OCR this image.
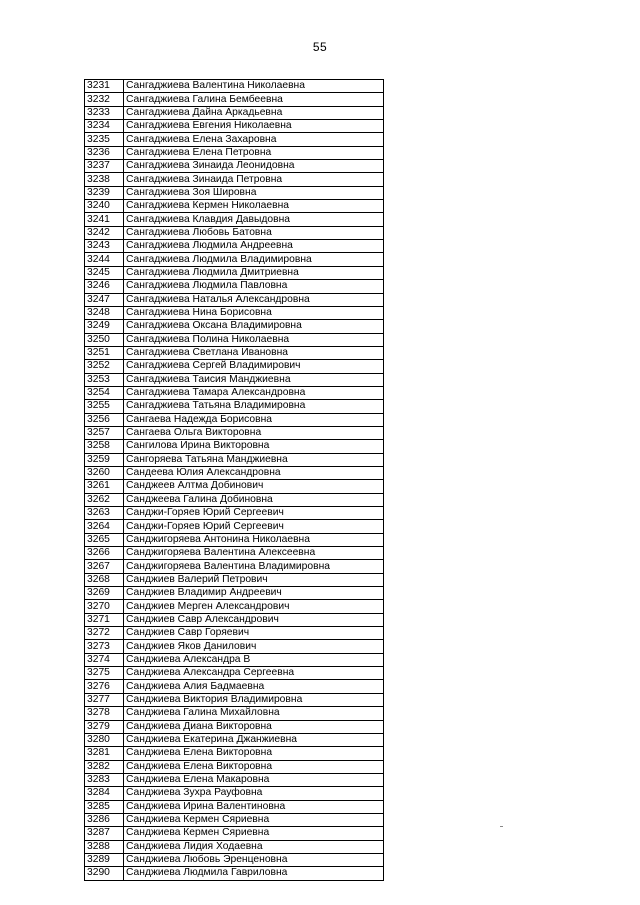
55
3231	Сангаджиева Валентина Николаевна
3232	Сангаджиева Галина Бембеевна
3233	Сангаджиева Дайна Аркадьевна
3234	Сангаджиева Евгения Николаевна
3235	Сангаджиева Елена Захаровна
3236	Сангаджиева Елена Петровна
3237	Сангаджиева Зинаида Леонидовна
3238	Сангаджиева Зинаида Петровна
3239	Сангаджиева Зоя Шировна
3240	Сангаджиева Кермен Николаевна
3241	Сангаджиева Клавдия Давыдовна
3242	Сангаджиева Любовь Батовна
3243	Сангаджиева Людмила Андреевна
3244	Сангаджиева Людмила Владимировна
3245	Сангаджиева Людмила Дмитриевна
3246	Сангаджиева Людмила Павловна
3247	Сангаджиева Наталья Александровна
3248	Сангаджиева Нина Борисовна
3249	Сангаджиева Оксана Владимировна
3250	Сангаджиева Полина Николаевна
3251	Сангаджиева Светлана Ивановна
3252	Сангаджиева Сергей Владимирович
3253	Сангаджиева Таисия Манджиевна
3254	Сангаджиева Тамара Александровна
3255	Сангаджиева Татьяна Владимировна
3256	Сангаева Надежда Борисовна
3257	Сангаева Ольга Викторовна
3258	Сангилова Ирина Викторовна
3259	Сангоряева Татьяна Манджиевна
3260	Сандеева Юлия Александровна
3261	Санджеев Алтма Добинович
3262	Санджеева Галина Добиновна
3263	Санджи-Горяев Юрий Сергеевич
3264	Санджи-Горяев Юрий Сергеевич
3265	Санджигоряева Антонина Николаевна
3266	Санджигоряева Валентина Алексеевна
3267	Санджигоряева Валентина Владимировна
3268	Санджиев Валерий Петрович
3269	Санджиев Владимир Андреевич
3270	Санджиев Мерген Александрович
3271	Санджиев Савр Александрович
3272	Санджиев Савр Горяевич
3273	Санджиев Яков Данилович
3274	Санджиева Александра В
3275	Санджиева Александра Сергеевна
3276	Санджиева Алия Бадмаевна
3277	Санджиева Виктория Владимировна
3278	Санджиева Галина Михайловна
3279	Санджиева Диана Викторовна
3280	Санджиева Екатерина Джанжиевна
3281	Санджиева Елена Викторовна
3282	Санджиева Елена Викторовна
3283	Санджиева Елена Макаровна
3284	Санджиева Зухра Рауфовна
3285	Санджиева Ирина Валентиновна
3286	Санджиева Кермен Сяриевна
3287	Санджиева Кермен Сяриевна
3288	Санджиева Лидия Ходаевна
3289	Санджиева Любовь Эренценовна
3290	Санджиева Людмила Гавриловна
